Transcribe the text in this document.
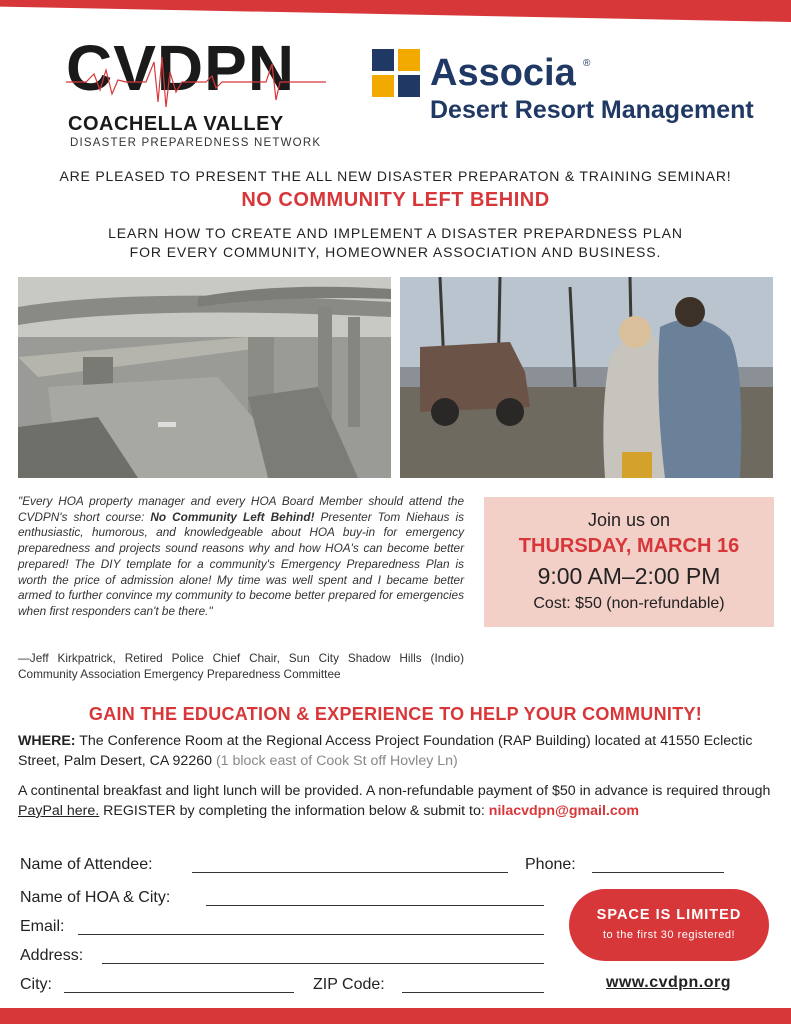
CVDPN
COACHELLA VALLEY
DISASTER PREPAREDNESS NETWORK
Associa ®
Desert Resort Management
ARE PLEASED TO PRESENT THE ALL NEW DISASTER PREPARATON & TRAINING SEMINAR!
NO COMMUNITY LEFT BEHIND
LEARN HOW TO CREATE AND IMPLEMENT A DISASTER PREPARDNESS PLAN
FOR EVERY COMMUNITY, HOMEOWNER ASSOCIATION AND BUSINESS.
"Every HOA property manager and every HOA Board Member should attend the CVDPN's short course: No Community Left Behind! Presenter Tom Niehaus is enthusiastic, humorous, and knowledgeable about HOA buy-in for emergency preparedness and projects sound reasons why and how HOA's can become better prepared! The DIY template for a community's Emergency Preparedness Plan is worth the price of admission alone! My time was well spent and I became better armed to further convince my community to become better prepared for emergencies when first responders can't be there."
—Jeff Kirkpatrick, Retired Police Chief Chair, Sun City Shadow Hills (Indio) Community Association Emergency Preparedness Committee
Join us on
THURSDAY, MARCH 16
9:00 AM–2:00 PM
Cost: $50 (non-refundable)
GAIN THE EDUCATION & EXPERIENCE TO HELP YOUR COMMUNITY!
WHERE: The Conference Room at the Regional Access Project Foundation (RAP Building) located at 41550 Eclectic Street, Palm Desert, CA 92260 (1 block east of Cook St off Hovley Ln)
A continental breakfast and light lunch will be provided. A non-refundable payment of $50 in advance is required through PayPal here. REGISTER by completing the information below & submit to: nilacvdpn@gmail.com
Name of Attendee:	Phone:
Name of HOA & City:
Email:
Address:
City:	ZIP Code:
SPACE IS LIMITED
to the first 30 registered!
www.cvdpn.org
